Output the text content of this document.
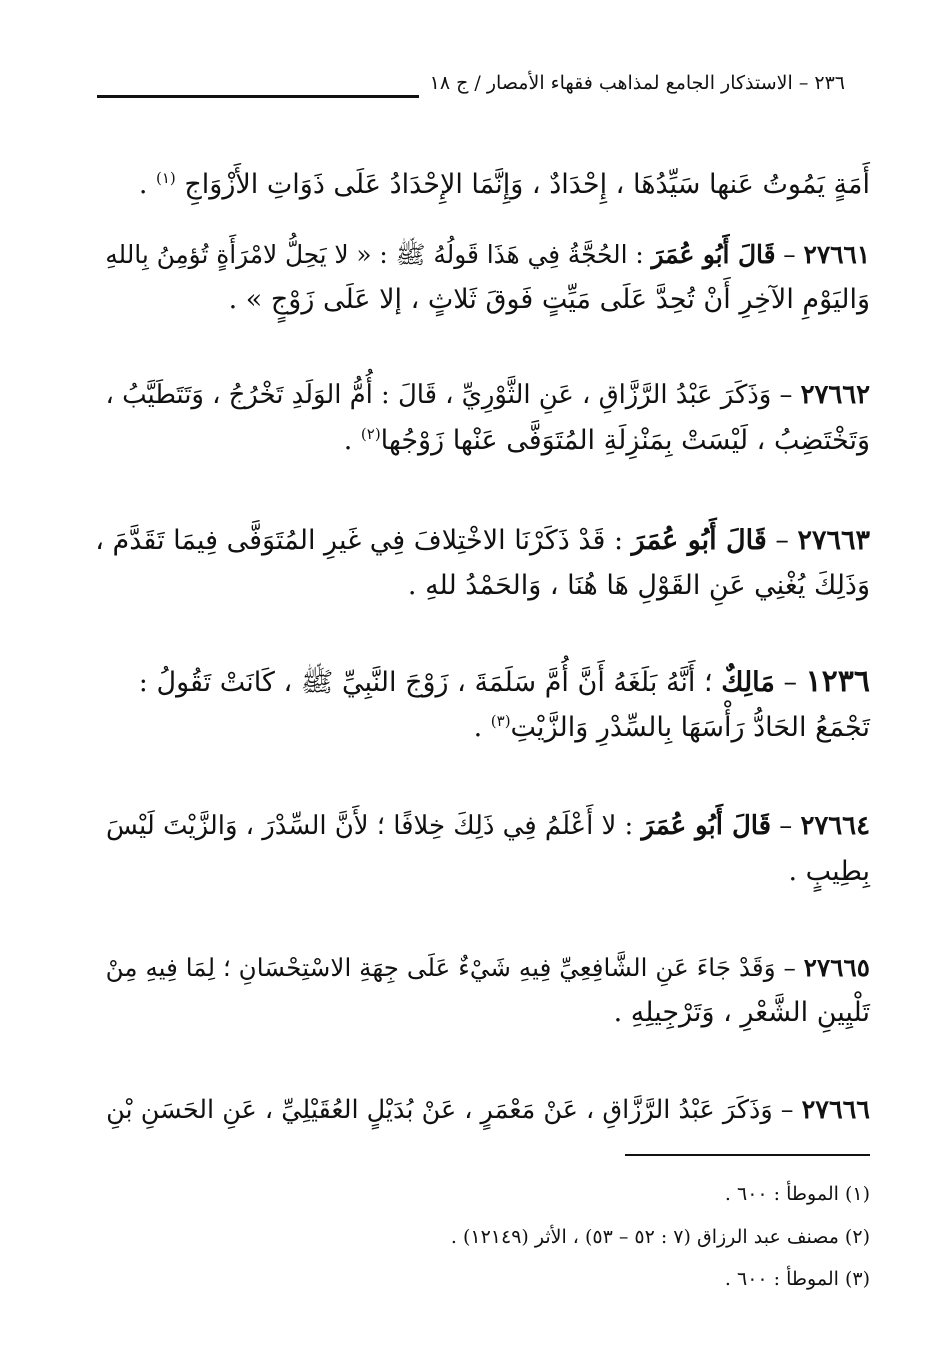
٢٣٦ – الاستذكار الجامع لمذاهب فقهاء الأمصار / ج ١٨
أَمَةٍ يَمُوتُ عَنها سَيِّدُهَا ، إِحْدَادٌ ، وَإِنَّمَا الإِحْدَادُ عَلَى ذَوَاتِ الأَزْوَاجِ $^{(١)}$ .
٢٧٦٦١ – قَالَ أَبُو عُمَرَ : الحُجَّةُ فِي هَذَا قَولُهُ ﷺ : « لا يَحِلُّ لامْرَأَةٍ تُؤمِنُ بِاللهِ
وَاليَوْمِ الآخِرِ أَنْ تُحِدَّ عَلَى مَيِّتٍ فَوقَ ثَلاثٍ ، إلا عَلَى زَوْجٍ » .
٢٧٦٦٢ – وَذَكَرَ عَبْدُ الرَّزَّاقِ ، عَنِ الثَّوْرِيِّ ، قَالَ : أُمُّ الوَلَدِ تَخْرُجُ ، وَتَتَطَيَّبُ ،
وَتَخْتَضِبُ ، لَيْسَتْ بِمَنْزِلَةِ المُتَوَفَّى عَنْها زَوْجُها$^{(٢)}$ .
٢٧٦٦٣ – قَالَ أَبُو عُمَرَ : قَدْ ذَكَرْنَا الاخْتِلافَ فِي غَيرِ المُتَوَفَّى فِيمَا تَقَدَّمَ ،
وَذَلِكَ يُغْنِي عَنِ القَوْلِ هَا هُنَا ، وَالحَمْدُ للهِ .
١٢٣٦ – مَالِكٌ ؛ أَنَّهُ بَلَغَهُ أَنَّ أُمَّ سَلَمَةَ ، زَوْجَ النَّبِيِّ ﷺ ، كَانَتْ تَقُولُ :
تَجْمَعُ الحَادُّ رَأْسَهَا بِالسِّدْرِ وَالزَّيْتِ$^{(٣)}$ .
٢٧٦٦٤ – قَالَ أَبُو عُمَرَ : لا أَعْلَمُ فِي ذَلِكَ خِلافًا ؛ لأَنَّ السِّدْرَ ، وَالزَّيْتَ لَيْسَ
بِطِيبٍ .
٢٧٦٦٥ – وَقَدْ جَاءَ عَنِ الشَّافِعِيِّ فِيهِ شَيْءٌ عَلَى جِهَةِ الاسْتِحْسَانِ ؛ لِمَا فِيهِ مِنْ
تَلْيِينِ الشَّعْرِ ، وَتَرْجِيلِهِ .
٢٧٦٦٦ – وَذَكَرَ عَبْدُ الرَّزَّاقِ ، عَنْ مَعْمَرٍ ، عَنْ بُدَيْلٍ العُقَيْلِيِّ ، عَنِ الحَسَنِ بْنِ
(١) الموطأ : ٦٠٠ .
(٢) مصنف عبد الرزاق (٧ : ٥٢ – ٥٣) ، الأثر (١٢١٤٩) .
(٣) الموطأ : ٦٠٠ .
